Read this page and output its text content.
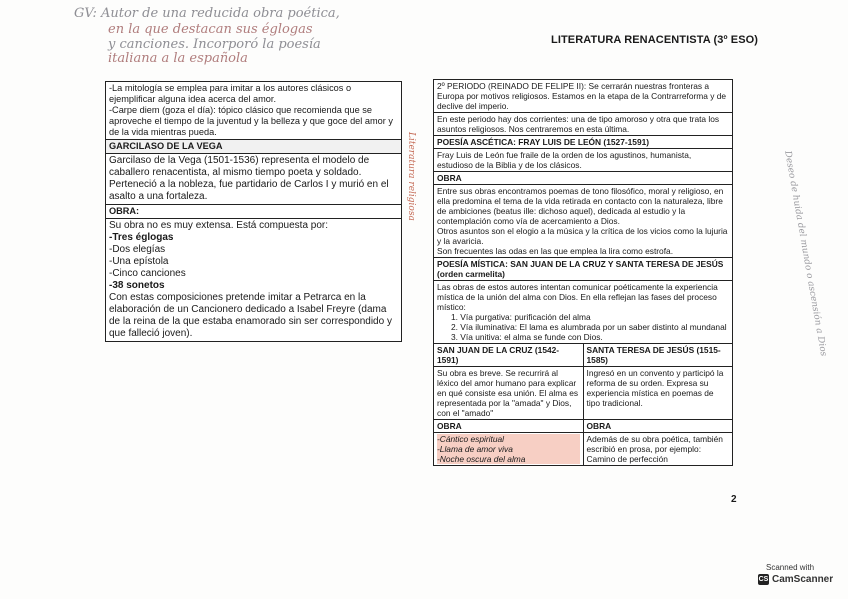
GV: Autor de una reducida obra poética,
en la que destacan sus églogas
y canciones. Incorporó la poesía
italiana a la española
LITERATURA RENACENTISTA (3º ESO)
-La mitología se emplea para imitar a los autores clásicos o ejemplificar alguna idea acerca del amor.
-Carpe diem (goza el día): tópico clásico que recomienda que se aproveche el tiempo de la juventud y la belleza y que goce del amor y de la vida mientras pueda.
GARCILASO DE LA VEGA
Garcilaso de la Vega (1501-1536) representa el modelo de caballero renacentista, al mismo tiempo poeta y soldado. Perteneció a la nobleza, fue partidario de Carlos I y murió en el asalto a una fortaleza.
OBRA:
Su obra no es muy extensa. Está compuesta por:
-Tres églogas
-Dos elegías
-Una epístola
-Cinco canciones
-38 sonetos
Con estas composiciones pretende imitar a Petrarca en la elaboración de un Cancionero dedicado a Isabel Freyre (dama de la reina de la que estaba enamorado sin ser correspondido y que falleció joven).
Literatura religiosa
2º PERIODO (REINADO DE FELIPE II): Se cerrarán nuestras fronteras a Europa por motivos religiosos. Estamos en la etapa de la Contrarreforma y de declive del imperio.
En este periodo hay dos corrientes: una de tipo amoroso y otra que trata los asuntos religiosos. Nos centraremos en esta última.
POESÍA ASCÉTICA: FRAY LUIS DE LEÓN (1527-1591)
Fray Luis de León fue fraile de la orden de los agustinos, humanista, estudioso de la Biblia y de los clásicos.
OBRA
Entre sus obras encontramos poemas de tono filosófico, moral y religioso, en ella predomina el tema de la vida retirada en contacto con la naturaleza, libre de ambiciones (beatus ille: dichoso aquel), dedicada al estudio y la contemplación como vía de acercamiento a Dios.
Otros asuntos son el elogio a la música y la crítica de los vicios como la lujuria y la avaricia.
Son frecuentes las odas en las que emplea la lira como estrofa.
POESÍA MÍSTICA: SAN JUAN DE LA CRUZ Y SANTA TERESA DE JESÚS (orden carmelita)
Las obras de estos autores intentan comunicar poéticamente la experiencia mística de la unión del alma con Dios. En ella reflejan las fases del proceso místico:
1. Vía purgativa: purificación del alma
2. Vía iluminativa: El lama es alumbrada por un saber distinto al mundanal
3. Vía unitiva: el alma se funde con Dios.
SAN JUAN DE LA CRUZ (1542-1591)
SANTA TERESA DE JESÚS (1515-1585)
Su obra es breve. Se recurrirá al léxico del amor humano para explicar en qué consiste esa unión. El alma es representada por la "amada" y Dios, con el "amado"
Ingresó en un convento y participó la reforma de su orden. Expresa su experiencia mística en poemas de tipo tradicional.
OBRA	OBRA
-Cántico espiritual
-Llama de amor viva
-Noche oscura del alma
Además de su obra poética, también escribió en prosa, por ejemplo: Camino de perfección
Deseo de huida del mundo o ascensión a Dios
2
Scanned with
CS CamScanner
